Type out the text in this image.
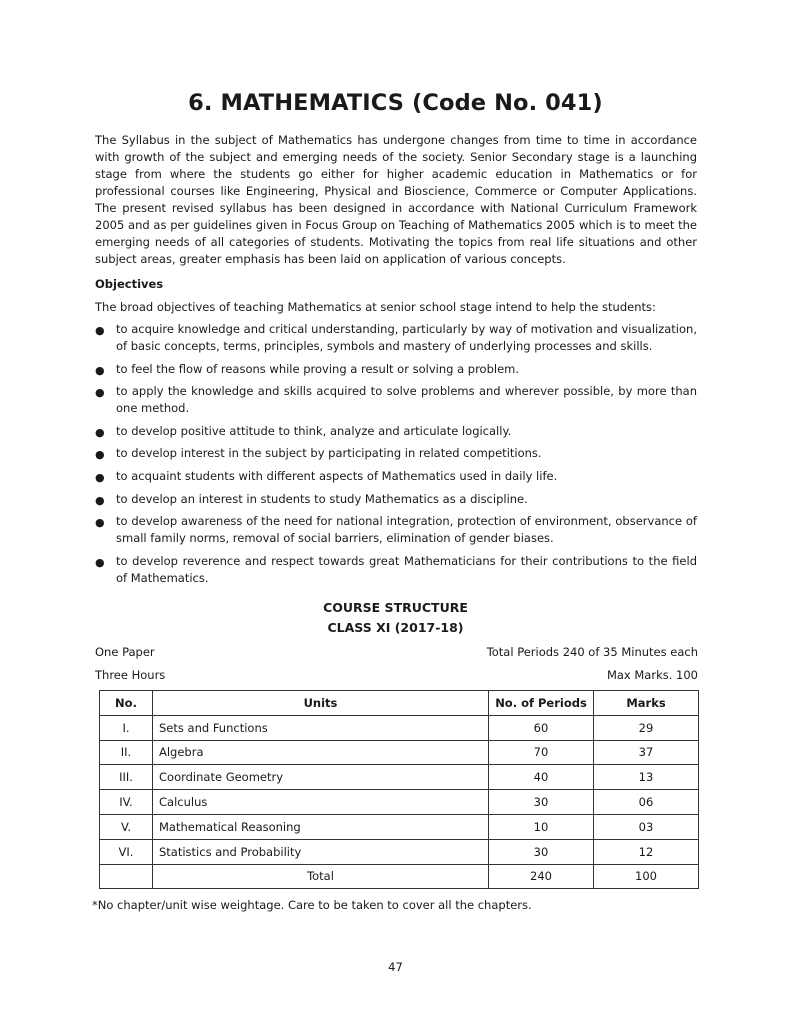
6. MATHEMATICS (Code No. 041)

The Syllabus in the subject of Mathematics has undergone changes from time to time in accordance with growth of the subject and emerging needs of the society. Senior Secondary stage is a launching stage from where the students go either for higher academic education in Mathematics or for professional courses like Engineering, Physical and Bioscience, Commerce or Computer Applications. The present revised syllabus has been designed in accordance with National Curriculum Framework 2005 and as per guidelines given in Focus Group on Teaching of Mathematics 2005 which is to meet the emerging needs of all categories of students. Motivating the topics from real life situations and other subject areas, greater emphasis has been laid on application of various concepts.

Objectives

The broad objectives of teaching Mathematics at senior school stage intend to help the students:

● to acquire knowledge and critical understanding, particularly by way of motivation and visualization, of basic concepts, terms, principles, symbols and mastery of underlying processes and skills.
● to feel the flow of reasons while proving a result or solving a problem.
● to apply the knowledge and skills acquired to solve problems and wherever possible, by more than one method.
● to develop positive attitude to think, analyze and articulate logically.
● to develop interest in the subject by participating in related competitions.
● to acquaint students with different aspects of Mathematics used in daily life.
● to develop an interest in students to study Mathematics as a discipline.
● to develop awareness of the need for national integration, protection of environment, observance of small family norms, removal of social barriers, elimination of gender biases.
● to develop reverence and respect towards great Mathematicians for their contributions to the field of Mathematics.
COURSE STRUCTURE
CLASS XI (2017-18)
One Paper	Total Periods 240 of 35 Minutes each
Three Hours	Max Marks. 100
No.	Units	No. of Periods	Marks
I.	Sets and Functions	60	29
II.	Algebra	70	37
III.	Coordinate Geometry	40	13
IV.	Calculus	30	06
V.	Mathematical Reasoning	10	03
VI.	Statistics and Probability	30	12
	Total	240	100

*No chapter/unit wise weightage. Care to be taken to cover all the chapters.

47
